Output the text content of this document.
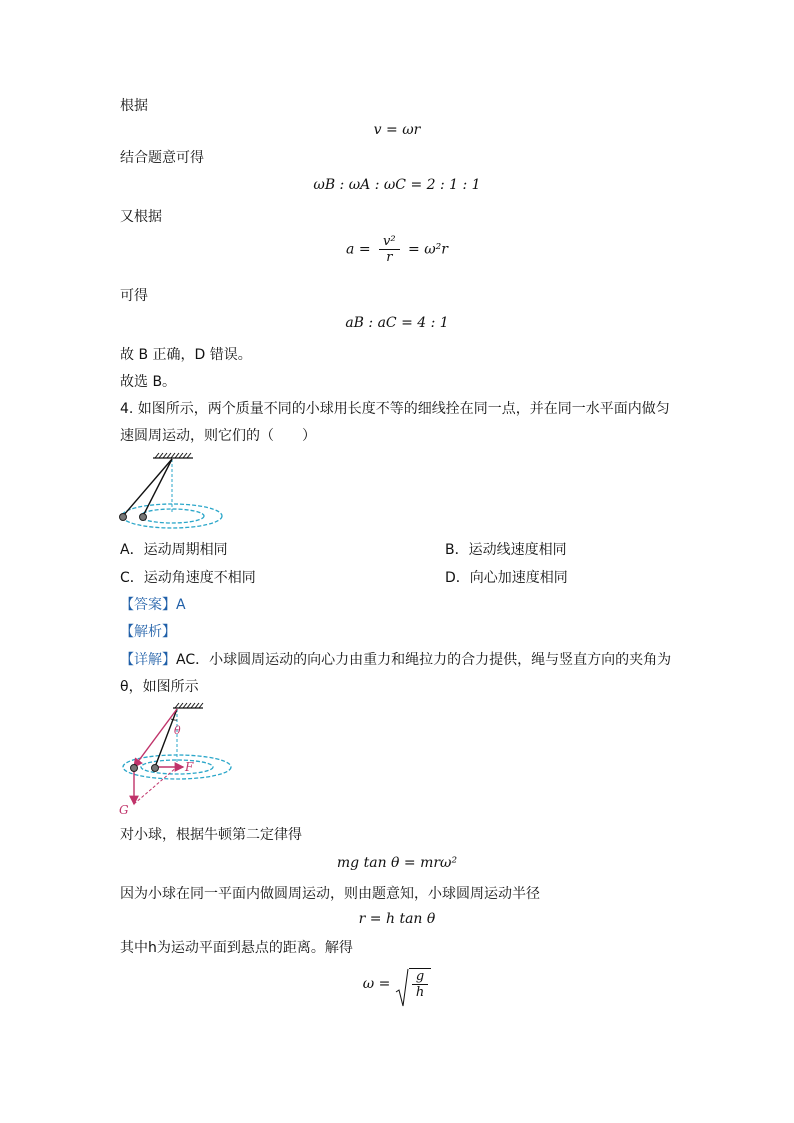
根据
v = ωr
结合题意可得
ωB : ωA : ωC = 2 : 1 : 1
又根据
$a = \frac{\text{v²}}{r} = \omega^2r$
可得
aB : aC = 4 : 1
故 B 正确，D 错误。
故选 B。
4. 如图所示，两个质量不同的小球用长度不等的细线拴在同一点，并在同一水平面内做匀
速圆周运动，则它们的（　　）
A．运动周期相同	B．运动线速度相同
C．运动角速度不相同	D．向心加速度相同
【答案】A
【解析】
【详解】AC．小球圆周运动的向心力由重力和绳拉力的合力提供，绳与竖直方向的夹角为
θ，如图所示
θ
F
G
对小球，根据牛顿第二定律得
mg tan θ = mrω²
因为小球在同一平面内做圆周运动，则由题意知，小球圆周运动半径
r = h tan θ
其中h为运动平面到悬点的距离。解得
$\omega = \frac{g}{h}$
